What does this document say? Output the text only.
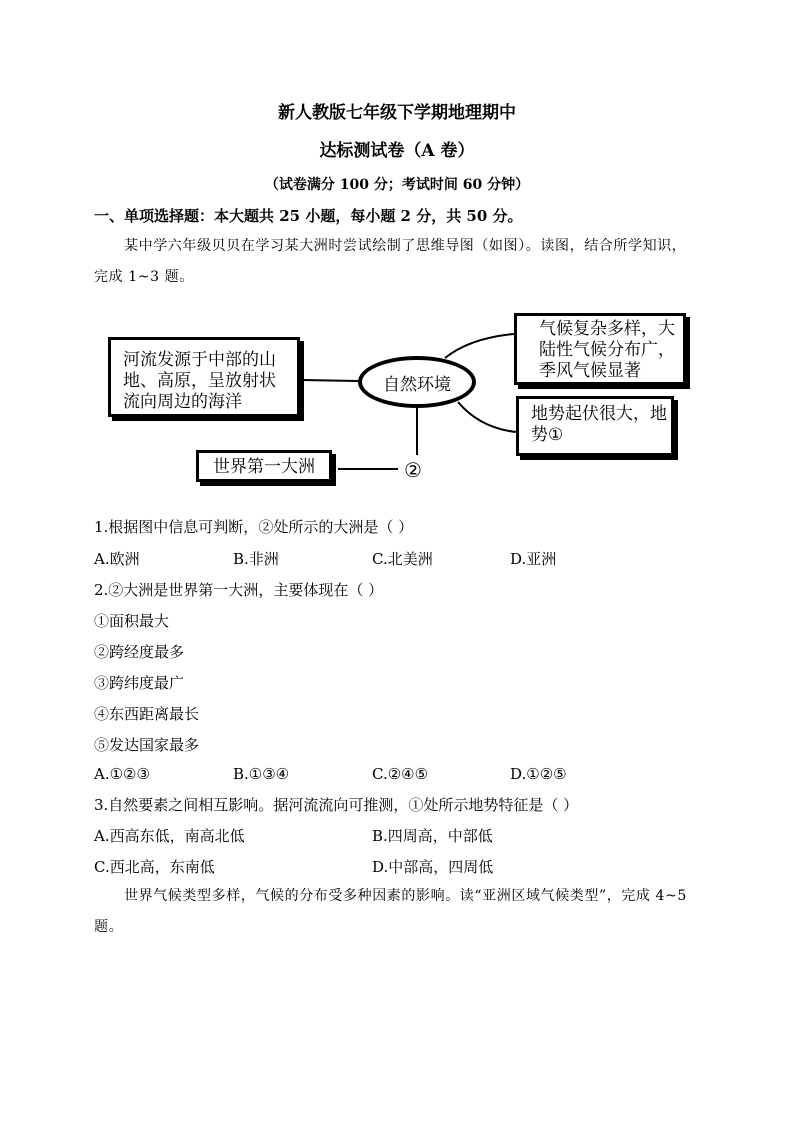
新人教版七年级下学期地理期中
达标测试卷（A 卷）
（试卷满分 100 分；考试时间 60 分钟）
一、单项选择题：本大题共 25 小题，每小题 2 分，共 50 分。
某中学六年级贝贝在学习某大洲时尝试绘制了思维导图（如图）。读图，结合所学知识，完成 1~3 题。
河流发源于中部的山
地、高原，呈放射状
流向周边的海洋
气候复杂多样，大
陆性气候分布广，
季风气候显著
地势起伏很大，地
势①
世界第一大洲
自然环境
②
1.根据图中信息可判断，②处所示的大洲是（ ）
A.欧洲	B.非洲	C.北美洲	D.亚洲
2.②大洲是世界第一大洲，主要体现在（ ）
①面积最大
②跨经度最多
③跨纬度最广
④东西距离最长
⑤发达国家最多
A.①②③	B.①③④	C.②④⑤	D.①②⑤
3.自然要素之间相互影响。据河流流向可推测，①处所示地势特征是（ ）
A.西高东低，南高北低	B.四周高，中部低
C.西北高，东南低	D.中部高，四周低
世界气候类型多样，气候的分布受多种因素的影响。读“亚洲区域气候类型”，完成 4~5 题。
